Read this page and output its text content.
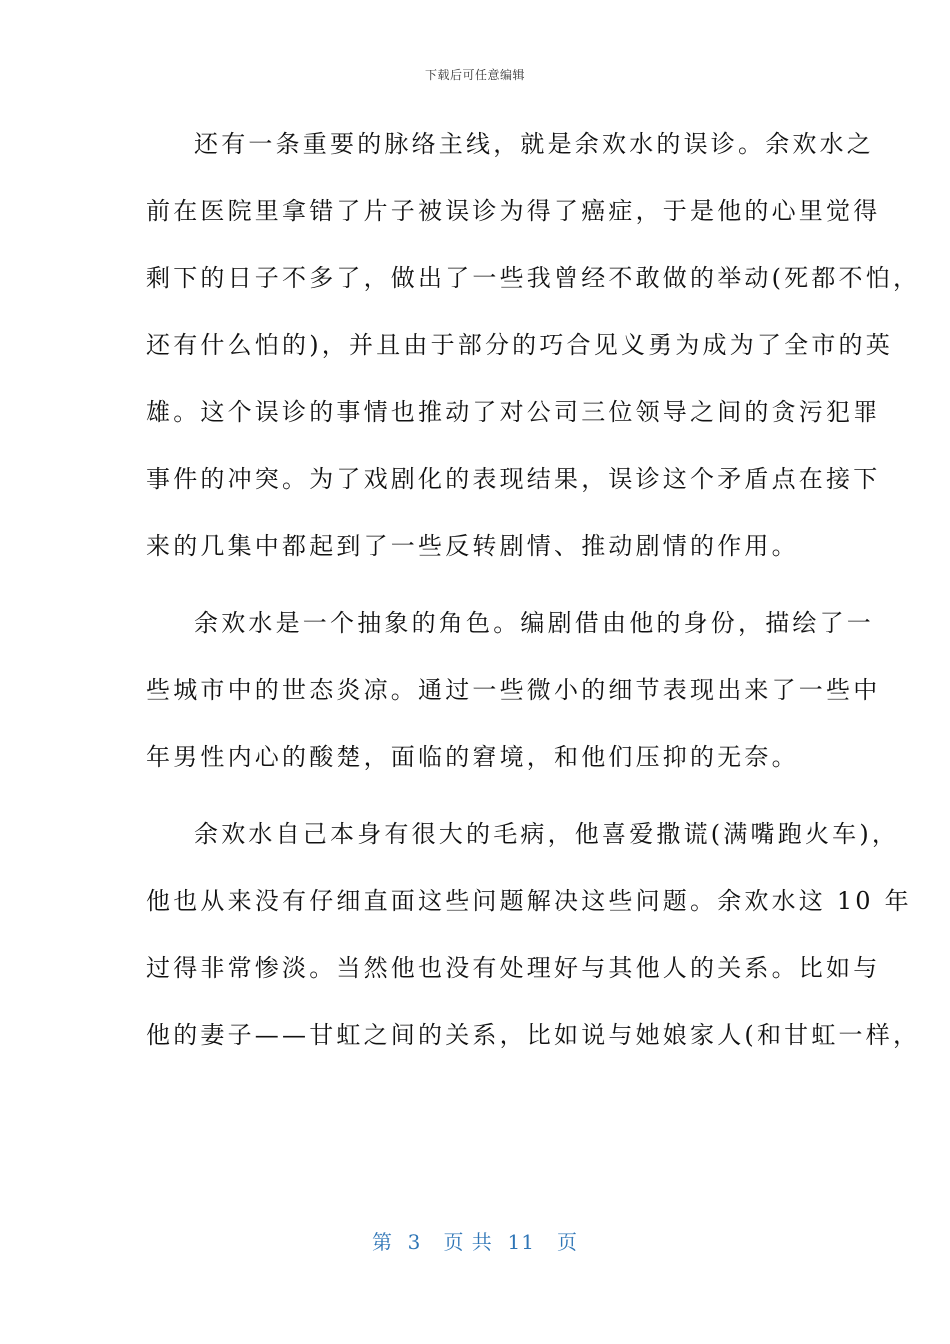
下载后可任意编辑
还有一条重要的脉络主线，就是余欢水的误诊。余欢水之
前在医院里拿错了片子被误诊为得了癌症，于是他的心里觉得
剩下的日子不多了，做出了一些我曾经不敢做的举动(死都不怕，
还有什么怕的)，并且由于部分的巧合见义勇为成为了全市的英
雄。这个误诊的事情也推动了对公司三位领导之间的贪污犯罪
事件的冲突。为了戏剧化的表现结果，误诊这个矛盾点在接下
来的几集中都起到了一些反转剧情、推动剧情的作用。
余欢水是一个抽象的角色。编剧借由他的身份，描绘了一
些城市中的世态炎凉。通过一些微小的细节表现出来了一些中
年男性内心的酸楚，面临的窘境，和他们压抑的无奈。
余欢水自己本身有很大的毛病，他喜爱撒谎(满嘴跑火车)，
他也从来没有仔细直面这些问题解决这些问题。余欢水这 10 年
过得非常惨淡。当然他也没有处理好与其他人的关系。比如与
他的妻子——甘虹之间的关系，比如说与她娘家人(和甘虹一样，
第  3   页 共  11   页
